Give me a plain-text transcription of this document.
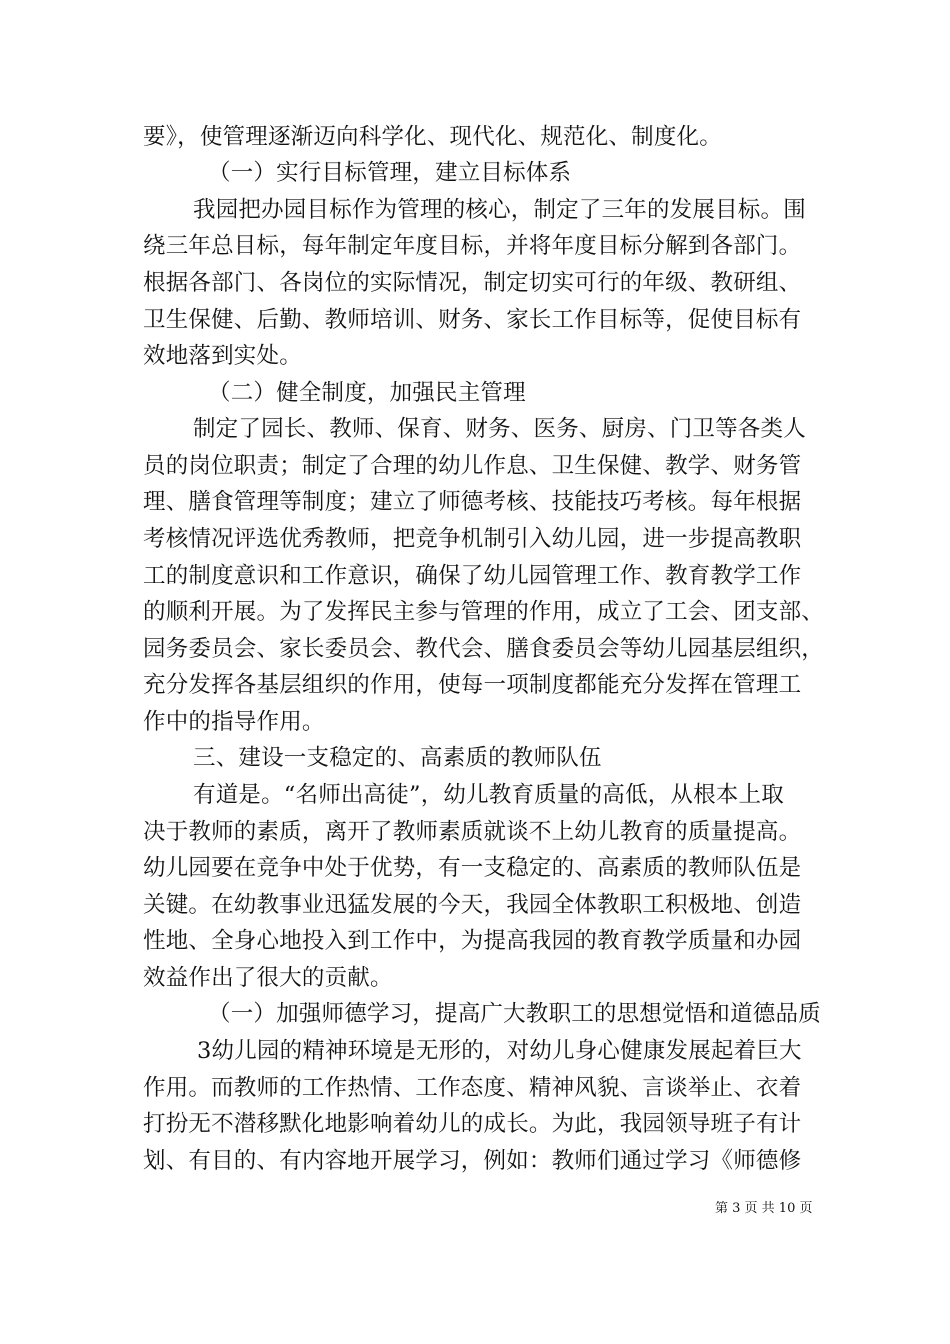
要》，使管理逐渐迈向科学化、现代化、规范化、制度化。
（一）实行目标管理，建立目标体系
我园把办园目标作为管理的核心，制定了三年的发展目标。围
绕三年总目标，每年制定年度目标，并将年度目标分解到各部门。
根据各部门、各岗位的实际情况，制定切实可行的年级、教研组、
卫生保健、后勤、教师培训、财务、家长工作目标等，促使目标有
效地落到实处。
（二）健全制度，加强民主管理
制定了园长、教师、保育、财务、医务、厨房、门卫等各类人
员的岗位职责；制定了合理的幼儿作息、卫生保健、教学、财务管
理、膳食管理等制度；建立了师德考核、技能技巧考核。每年根据
考核情况评选优秀教师，把竞争机制引入幼儿园，进一步提高教职
工的制度意识和工作意识，确保了幼儿园管理工作、教育教学工作
的顺利开展。为了发挥民主参与管理的作用，成立了工会、团支部、
园务委员会、家长委员会、教代会、膳食委员会等幼儿园基层组织，
充分发挥各基层组织的作用，使每一项制度都能充分发挥在管理工
作中的指导作用。
三、建设一支稳定的、高素质的教师队伍
有道是。“名师出高徒”，幼儿教育质量的高低，从根本上取
决于教师的素质，离开了教师素质就谈不上幼儿教育的质量提高。
幼儿园要在竞争中处于优势，有一支稳定的、高素质的教师队伍是
关键。在幼教事业迅猛发展的今天，我园全体教职工积极地、创造
性地、全身心地投入到工作中，为提高我园的教育教学质量和办园
效益作出了很大的贡献。
（一）加强师德学习，提高广大教职工的思想觉悟和道德品质
3幼儿园的精神环境是无形的，对幼儿身心健康发展起着巨大
作用。而教师的工作热情、工作态度、精神风貌、言谈举止、衣着
打扮无不潜移默化地影响着幼儿的成长。为此，我园领导班子有计
划、有目的、有内容地开展学习，例如：教师们通过学习《师德修
第 3 页 共 10 页
